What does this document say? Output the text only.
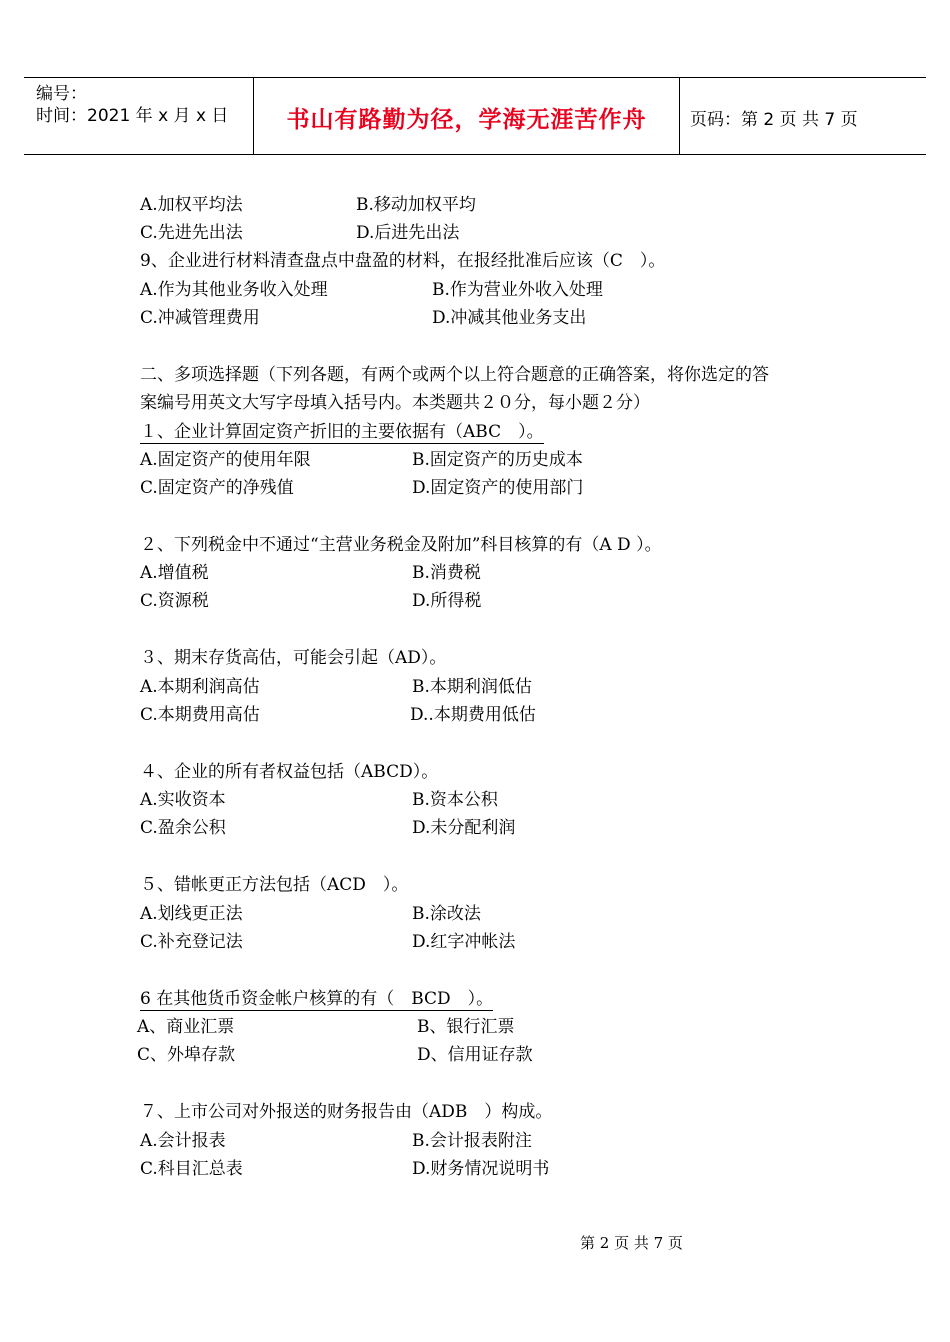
编号：
时间：2021 年 x 月 x 日	书山有路勤为径，学海无涯苦作舟	页码：第 2 页 共 7 页
A.加权平均法	B.移动加权平均
C.先进先出法	D.后进先出法
9、企业进行材料清查盘点中盘盈的材料，在报经批准后应该（C　）。
A.作为其他业务收入处理	B.作为营业外收入处理
C.冲减管理费用	D.冲减其他业务支出
二、多项选择题（下列各题，有两个或两个以上符合题意的正确答案，将你选定的答
案编号用英文大写字母填入括号内。本类题共２０分，每小题２分）
１、企业计算固定资产折旧的主要依据有（ABC　）。
A.固定资产的使用年限	B.固定资产的历史成本
C.固定资产的净残值	D.固定资产的使用部门
２、下列税金中不通过“主营业务税金及附加”科目核算的有（A D ）。
A.增值税	B.消费税
C.资源税	D.所得税
３、期末存货高估，可能会引起（AD）。
A.本期利润高估	B.本期利润低估
C.本期费用高估	D..本期费用低估
４、企业的所有者权益包括（ABCD）。
A.实收资本	B.资本公积
C.盈余公积	D.未分配利润
５、错帐更正方法包括（ACD　）。
A.划线更正法	B.涂改法
C.补充登记法	D.红字冲帐法
6 在其他货币资金帐户核算的有（　BCD　）。
A、商业汇票	B、银行汇票
C、外埠存款	D、信用证存款
７、上市公司对外报送的财务报告由（ADB　）构成。
A.会计报表	B.会计报表附注
C.科目汇总表	D.财务情况说明书
第 2 页 共 7 页
